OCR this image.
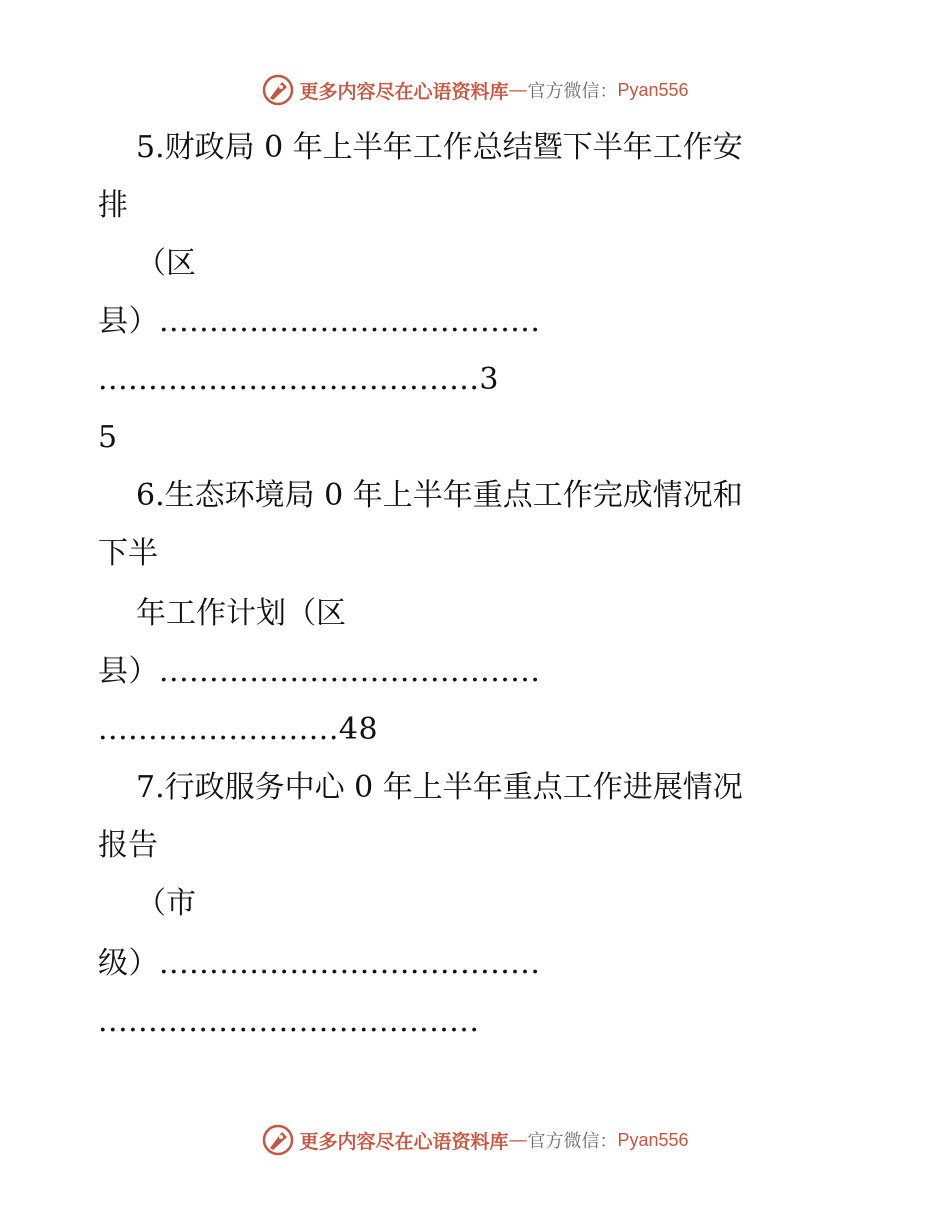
更多内容尽在心语资料库 — 官方微信： Pyan556
5.财政局 0 年上半年工作总结暨下半年工作安
排
（区
县）......................................
......................................3
5
6.生态环境局 0 年上半年重点工作完成情况和
下半
年工作计划（区
县）......................................
........................48
7.行政服务中心 0 年上半年重点工作进展情况
报告
（市
级）......................................
......................................
更多内容尽在心语资料库 — 官方微信： Pyan556
